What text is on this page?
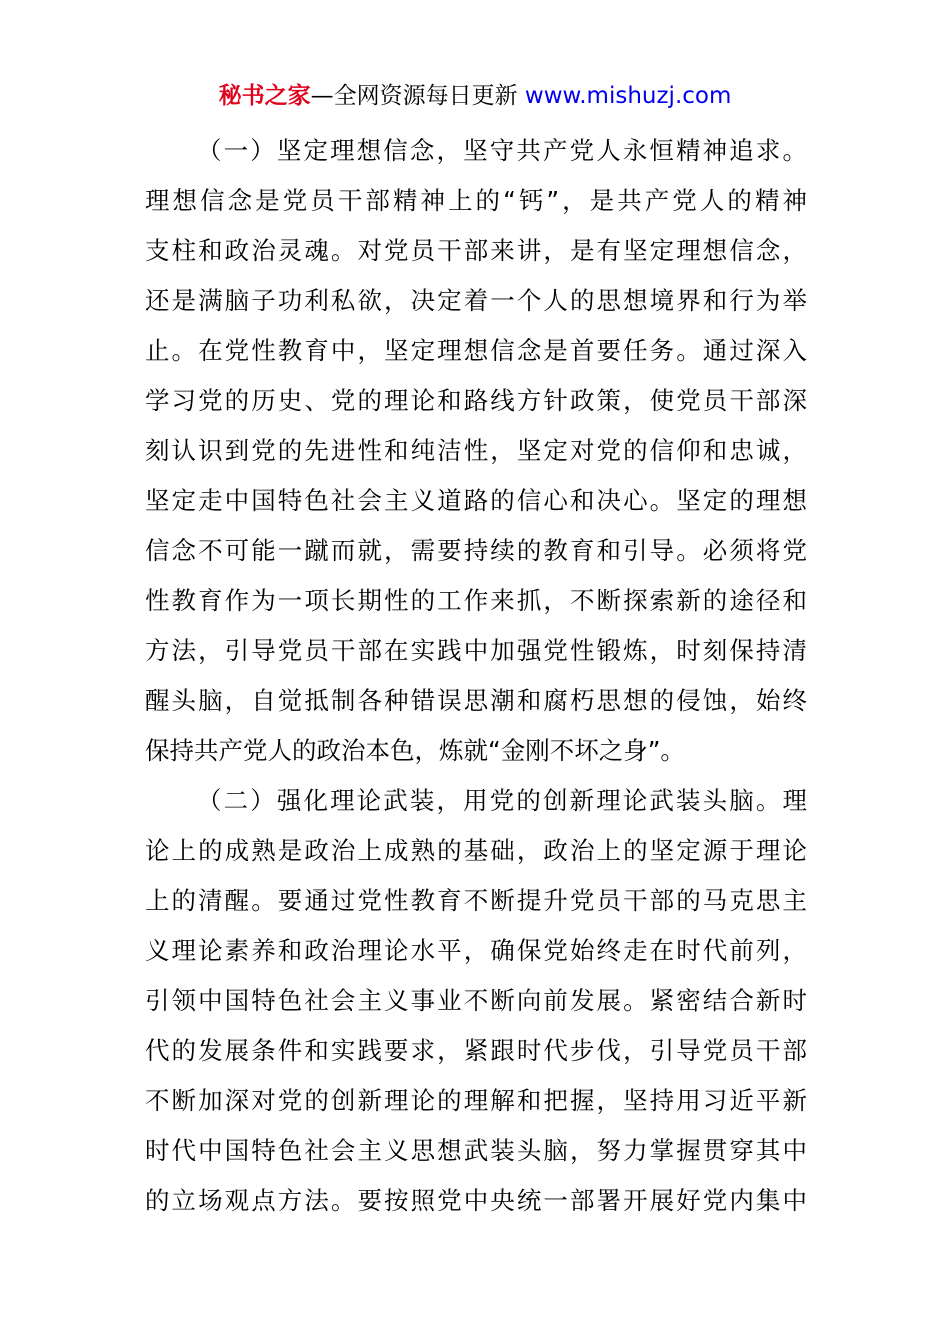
秘书之家—全网资源每日更新 www.mishuzj.com
（一）坚定理想信念，坚守共产党人永恒精神追求。
理想信念是党员干部精神上的“钙”，是共产党人的精神
支柱和政治灵魂。对党员干部来讲，是有坚定理想信念，
还是满脑子功利私欲，决定着一个人的思想境界和行为举
止。在党性教育中，坚定理想信念是首要任务。通过深入
学习党的历史、党的理论和路线方针政策，使党员干部深
刻认识到党的先进性和纯洁性，坚定对党的信仰和忠诚，
坚定走中国特色社会主义道路的信心和决心。坚定的理想
信念不可能一蹴而就，需要持续的教育和引导。必须将党
性教育作为一项长期性的工作来抓，不断探索新的途径和
方法，引导党员干部在实践中加强党性锻炼，时刻保持清
醒头脑，自觉抵制各种错误思潮和腐朽思想的侵蚀，始终
保持共产党人的政治本色，炼就“金刚不坏之身”。
（二）强化理论武装，用党的创新理论武装头脑。理
论上的成熟是政治上成熟的基础，政治上的坚定源于理论
上的清醒。要通过党性教育不断提升党员干部的马克思主
义理论素养和政治理论水平，确保党始终走在时代前列，
引领中国特色社会主义事业不断向前发展。紧密结合新时
代的发展条件和实践要求，紧跟时代步伐，引导党员干部
不断加深对党的创新理论的理解和把握，坚持用习近平新
时代中国特色社会主义思想武装头脑，努力掌握贯穿其中
的立场观点方法。要按照党中央统一部署开展好党内集中
